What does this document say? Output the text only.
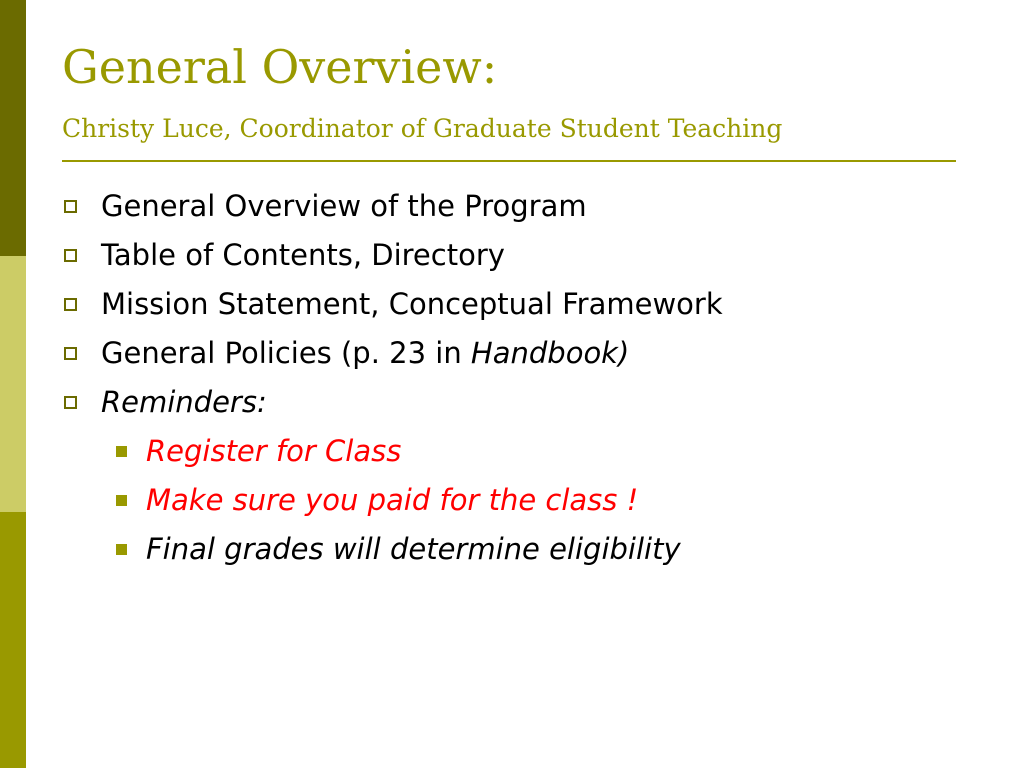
General Overview:
Christy Luce, Coordinator of Graduate Student Teaching
General Overview of the Program
Table of Contents, Directory
Mission Statement, Conceptual Framework
General Policies (p. 23 in Handbook)
Reminders:
Register for Class
Make sure you paid for the class !
Final grades will determine eligibility
